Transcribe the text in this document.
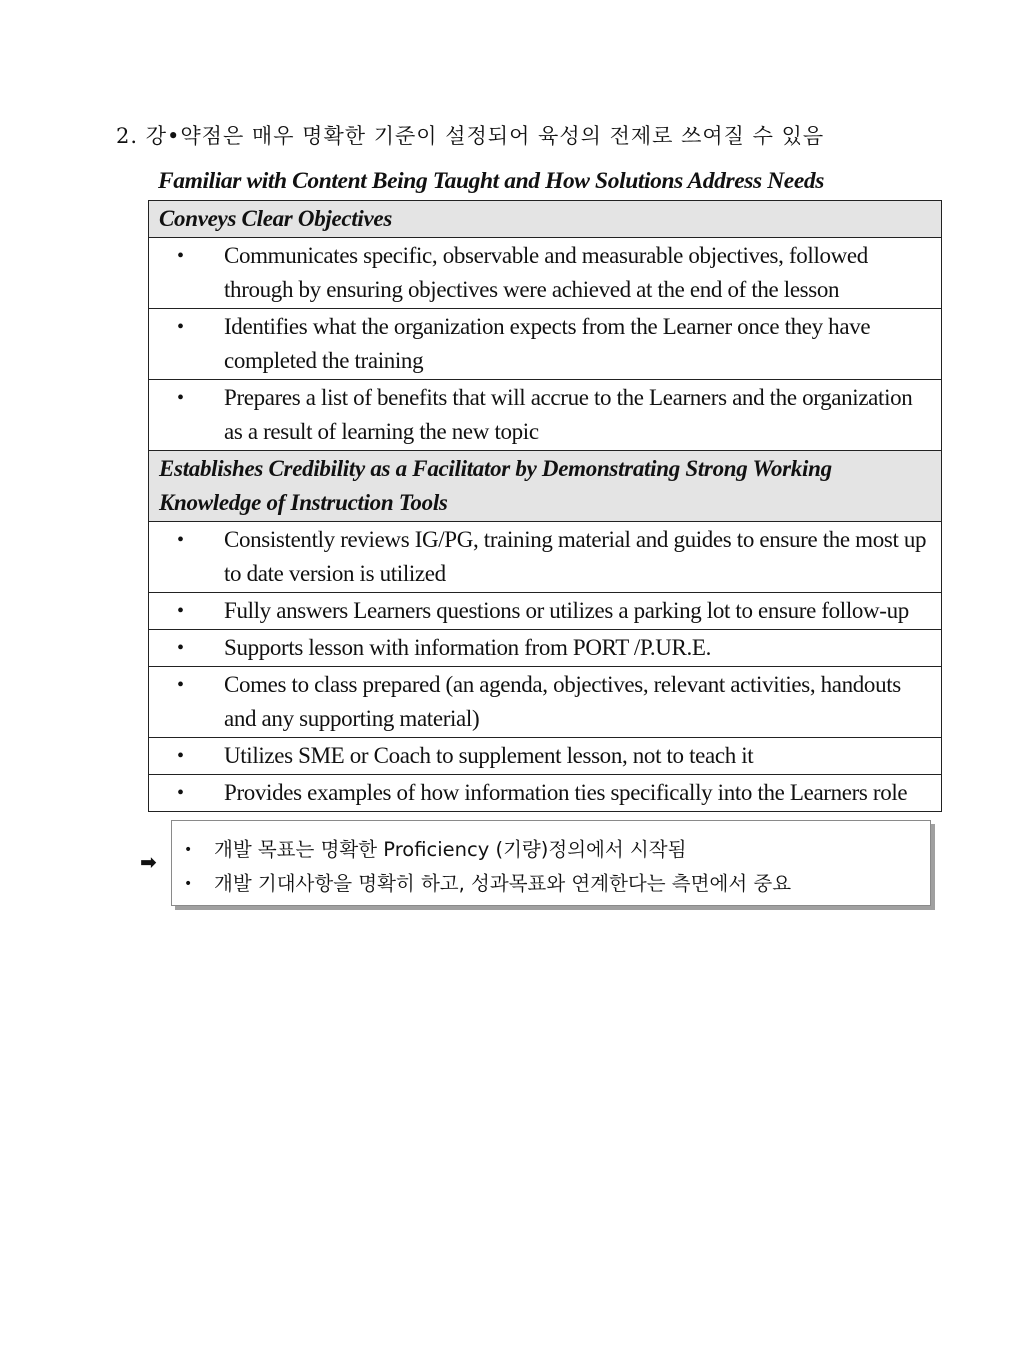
2. 강•약점은 매우 명확한 기준이 설정되어 육성의 전제로 쓰여질 수 있음
Familiar with Content Being Taught and How Solutions Address Needs
Conveys Clear Objectives

•	Communicates specific, observable and measurable objectives, followed through by ensuring objectives were achieved at the end of the lesson

•	Identifies what the organization expects from the Learner once they have completed the training

•	Prepares a list of benefits that will accrue to the Learners and the organization as a result of learning the new topic

Establishes Credibility as a Facilitator by Demonstrating Strong Working Knowledge of Instruction Tools

•	Consistently reviews IG/PG, training material and guides to ensure the most up to date version is utilized

•	Fully answers Learners questions or utilizes a parking lot to ensure follow-up

•	Supports lesson with information from PORT /P.UR.E.

•	Comes to class prepared (an agenda, objectives, relevant activities, handouts and any supporting material)

•	Utilizes SME or Coach to supplement lesson, not to teach it

•	Provides examples of how information ties specifically into the Learners role
➡ •	개발 목표는 명확한 Proficiency (기량)정의에서 시작됨
•	개발 기대사항을 명확히 하고, 성과목표와 연계한다는 측면에서 중요
